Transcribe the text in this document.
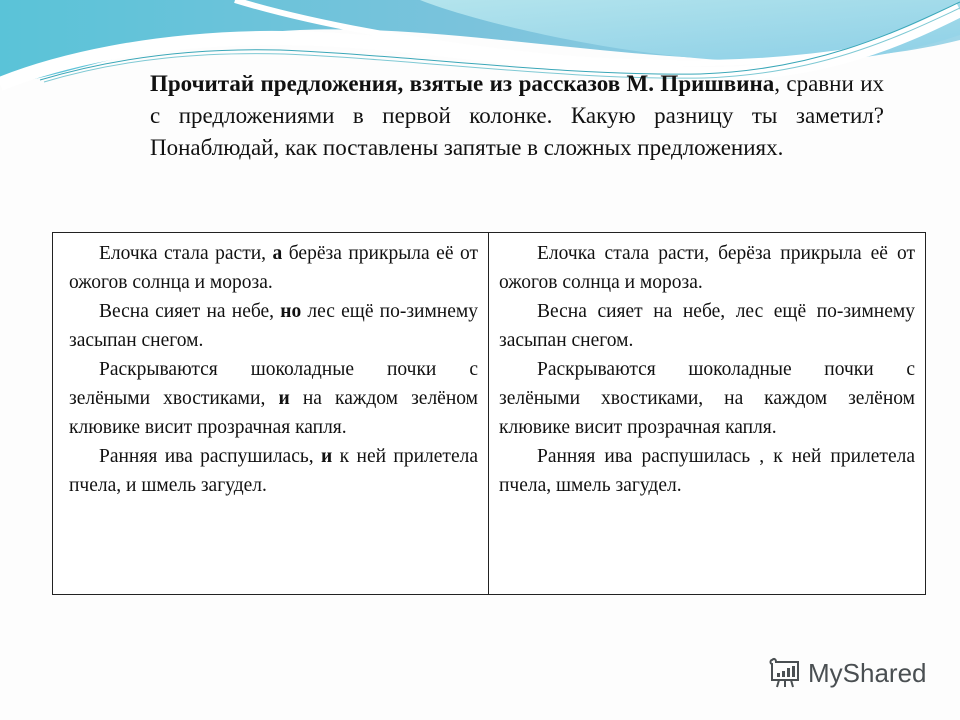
Прочитай предложения, взятые из рассказов М. Пришвина, сравни их с предложениями в первой колонке. Какую разницу ты заметил? Понаблюдай, как поставлены запятые в сложных предложениях.

Елочка стала расти, а берёза прикрыла её от ожогов солнца и мороза.

Весна сияет на небе, но лес ещё по-зимнему засыпан снегом.

Раскрываются шоколадные почки с зелёными хвостиками, и на каждом зелёном клювике висит прозрачная капля.

Ранняя ива распушилась, и к ней прилетела пчела, и шмель загудел.

Елочка стала расти, берёза прикрыла её от ожогов солнца и мороза.

Весна сияет на небе, лес ещё по-зимнему засыпан снегом.

Раскрываются шоколадные почки с зелёными хвостиками, на каждом зелёном клювике висит прозрачная капля.

Ранняя ива распушилась , к ней прилетела пчела, шмель загудел.

MyShared
